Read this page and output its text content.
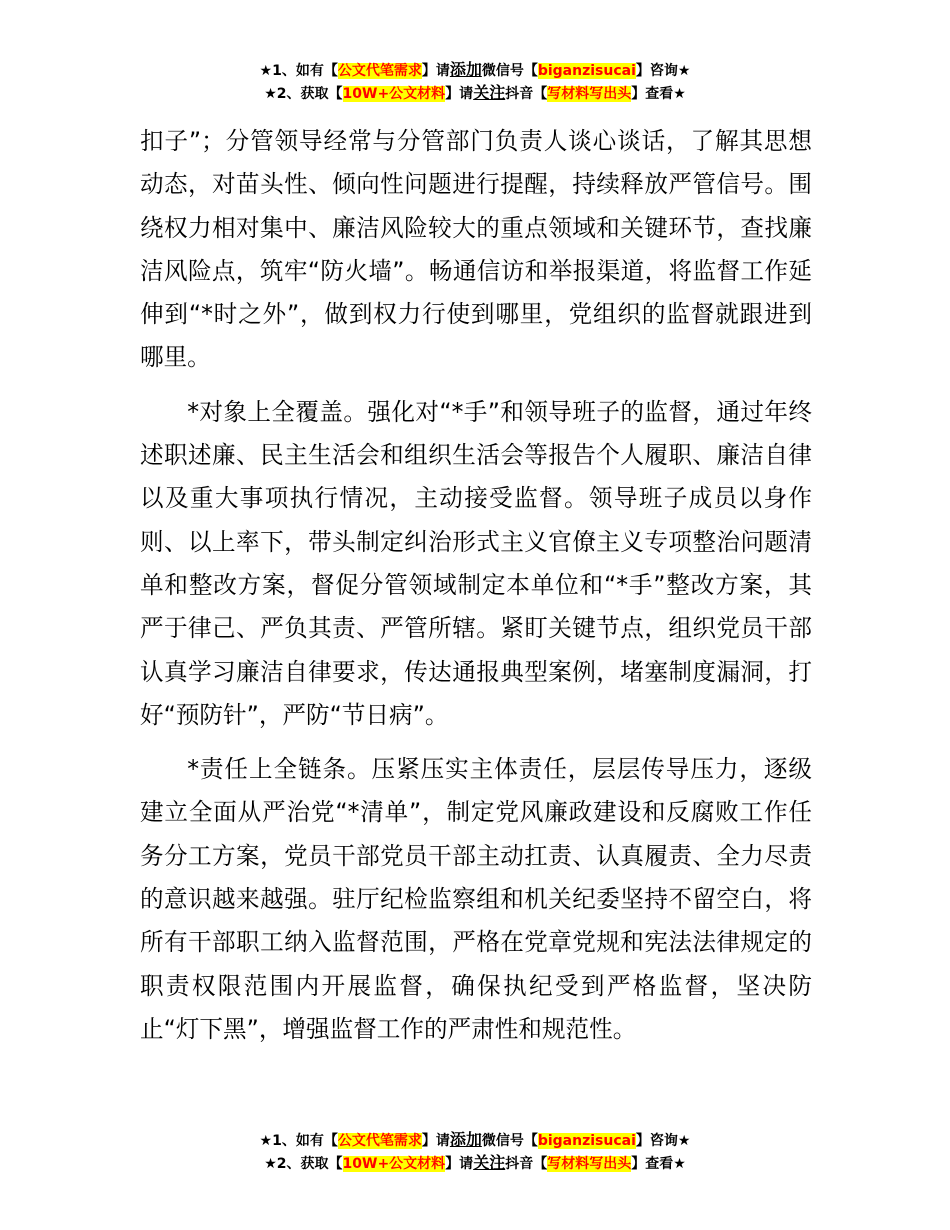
★1、如有【公文代笔需求】请添加微信号【biganzisucai】咨询★
★2、获取【10W+公文材料】请关注抖音【写材料写出头】查看★

扣子”；分管领导经常与分管部门负责人谈心谈话，了解其思想动态，对苗头性、倾向性问题进行提醒，持续释放严管信号。围绕权力相对集中、廉洁风险较大的重点领域和关键环节，查找廉洁风险点，筑牢“防火墙”。畅通信访和举报渠道，将监督工作延伸到“*时之外”，做到权力行使到哪里，党组织的监督就跟进到哪里。

*对象上全覆盖。强化对“*手”和领导班子的监督，通过年终述职述廉、民主生活会和组织生活会等报告个人履职、廉洁自律以及重大事项执行情况，主动接受监督。领导班子成员以身作则、以上率下，带头制定纠治形式主义官僚主义专项整治问题清单和整改方案，督促分管领域制定本单位和“*手”整改方案，其严于律己、严负其责、严管所辖。紧盯关键节点，组织党员干部认真学习廉洁自律要求，传达通报典型案例，堵塞制度漏洞，打好“预防针”，严防“节日病”。

*责任上全链条。压紧压实主体责任，层层传导压力，逐级建立全面从严治党“*清单”，制定党风廉政建设和反腐败工作任务分工方案，党员干部党员干部主动扛责、认真履责、全力尽责的意识越来越强。驻厅纪检监察组和机关纪委坚持不留空白，将所有干部职工纳入监督范围，严格在党章党规和宪法法律规定的职责权限范围内开展监督，确保执纪受到严格监督，坚决防止“灯下黑”，增强监督工作的严肃性和规范性。

★1、如有【公文代笔需求】请添加微信号【biganzisucai】咨询★
★2、获取【10W+公文材料】请关注抖音【写材料写出头】查看★
